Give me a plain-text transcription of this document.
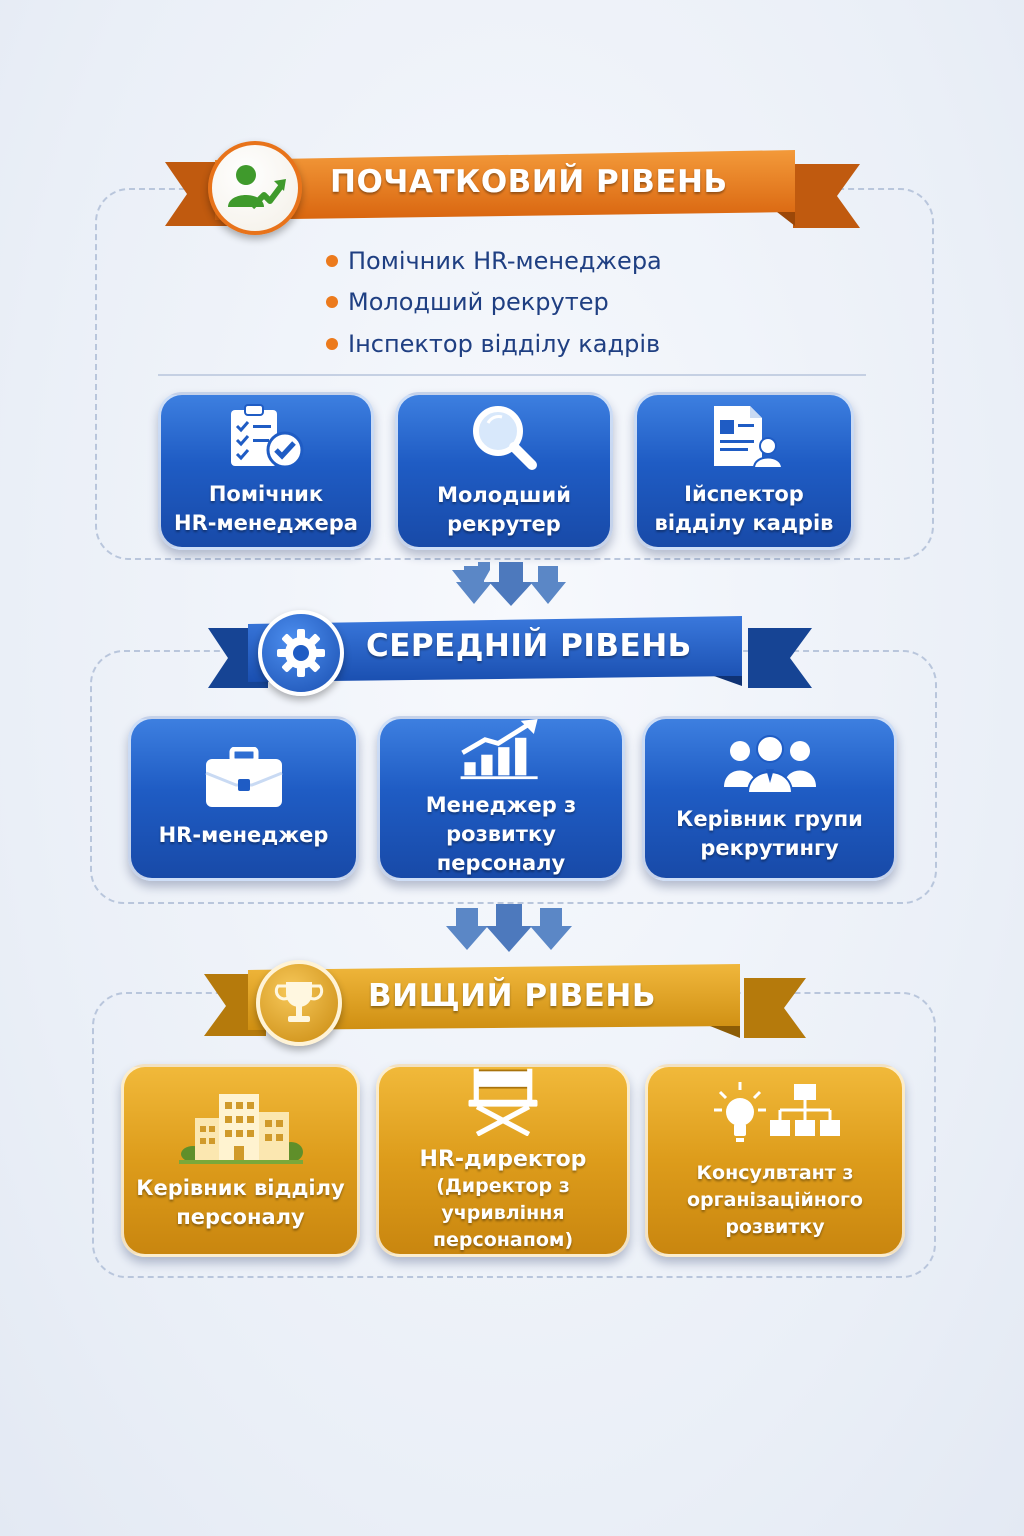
ПОЧАТКОВИЙ РІВЕНЬ
Помічник HR-менеджера
Молодший рекрутер
Інспектор відділу кадрів
Помічник
HR-менеджера
Молодший
рекрутер
Ійспектор
відділу кадрів
СЕРЕДНІЙ РІВЕНЬ
HR-менеджер
Менеджер з розвитку
персоналу
Керівник групи
рекрутингу
ВИЩИЙ РІВЕНЬ
Керівник відділу
персоналу
HR-директор
(Директор з учривління
персонапом)
Консулвтант з
організаційного розвитку
